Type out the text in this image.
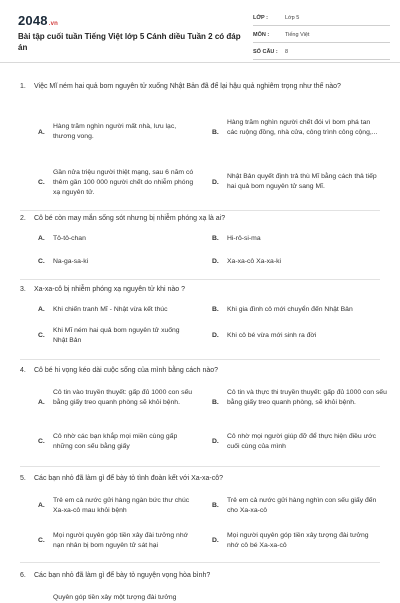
2048.vn
Bài tập cuối tuần Tiếng Việt lớp 5 Cánh diều Tuần 2 có đáp án
LỚP :	Lớp 5
MÔN :	Tiếng Việt
SỐ CÂU : 8
1. Việc Mĩ ném hai quả bom nguyên tử xuống Nhật Bản đã để lại hậu quả nghiêm trọng như thế nào?
A.
Hàng trăm nghìn người mất nhà, lưu lạc, thương vong.
B.
Hàng trăm nghìn người chết đói vì bom phá tan các ruộng đồng, nhà cửa, công trình công cộng,...
C.
Gần nửa triệu người thiệt mạng, sau 6 năm có thêm gần 100 000 người chết do nhiễm phóng xạ nguyên tử.
D.
Nhật Bản quyết định trả thù Mĩ bằng cách thả tiếp hai quả bom nguyên tử sang Mĩ.
2. Cô bé còn may mắn sống sót nhưng bị nhiễm phóng xạ là ai?
A. Tô-tô-chan	B. Hi-rô-si-ma
C. Na-ga-sa-ki	D. Xa-xa-cô Xa-xa-ki
3. Xa-xa-cô bị nhiễm phóng xạ nguyên tử khi nào ?
A. Khi chiến tranh Mĩ - Nhật vừa kết thúc	B. Khi gia đình cô mới chuyển đến Nhật Bản
C.
Khi Mĩ ném hai quả bom nguyên tử xuống Nhật Bản
D. Khi cô bé vừa mới sinh ra đời
4. Cô bé hi vọng kéo dài cuộc sống của mình bằng cách nào?
A.
Cô tin vào truyền thuyết: gấp đủ 1000 con sếu bằng giấy treo quanh phòng sẽ khỏi bệnh.	B.
Cô tin và thực thi truyền thuyết: gấp đủ 1000 con sếu bằng giấy treo quanh phòng, sẽ khỏi bệnh.
C.
Cô nhờ các bạn khắp mọi miền cùng gấp những con sếu bằng giấy
D.
Cô nhờ mọi người giúp đỡ để thực hiện điều ước cuối cùng của mình
5. Các bạn nhỏ đã làm gì để bày tỏ tình đoàn kết với Xa-xa-cô?
A.
Trẻ em cả nước gửi hàng ngàn bức thư chúc Xa-xa-cô mau khỏi bệnh
B.
Trẻ em cả nước gửi hàng nghìn con sếu giấy đến cho Xa-xa-cô
C.
Mọi người quyên góp tiền xây đài tưởng nhớ nạn nhân bị bom nguyên tử sát hại
D.
Mọi người quyên góp tiền xây tượng đài tưởng nhớ cô bé Xa-xa-cô
6. Các bạn nhỏ đã làm gì để bày tỏ nguyện vọng hòa bình?
Quyên góp tiền xây một tượng đài tưởng
